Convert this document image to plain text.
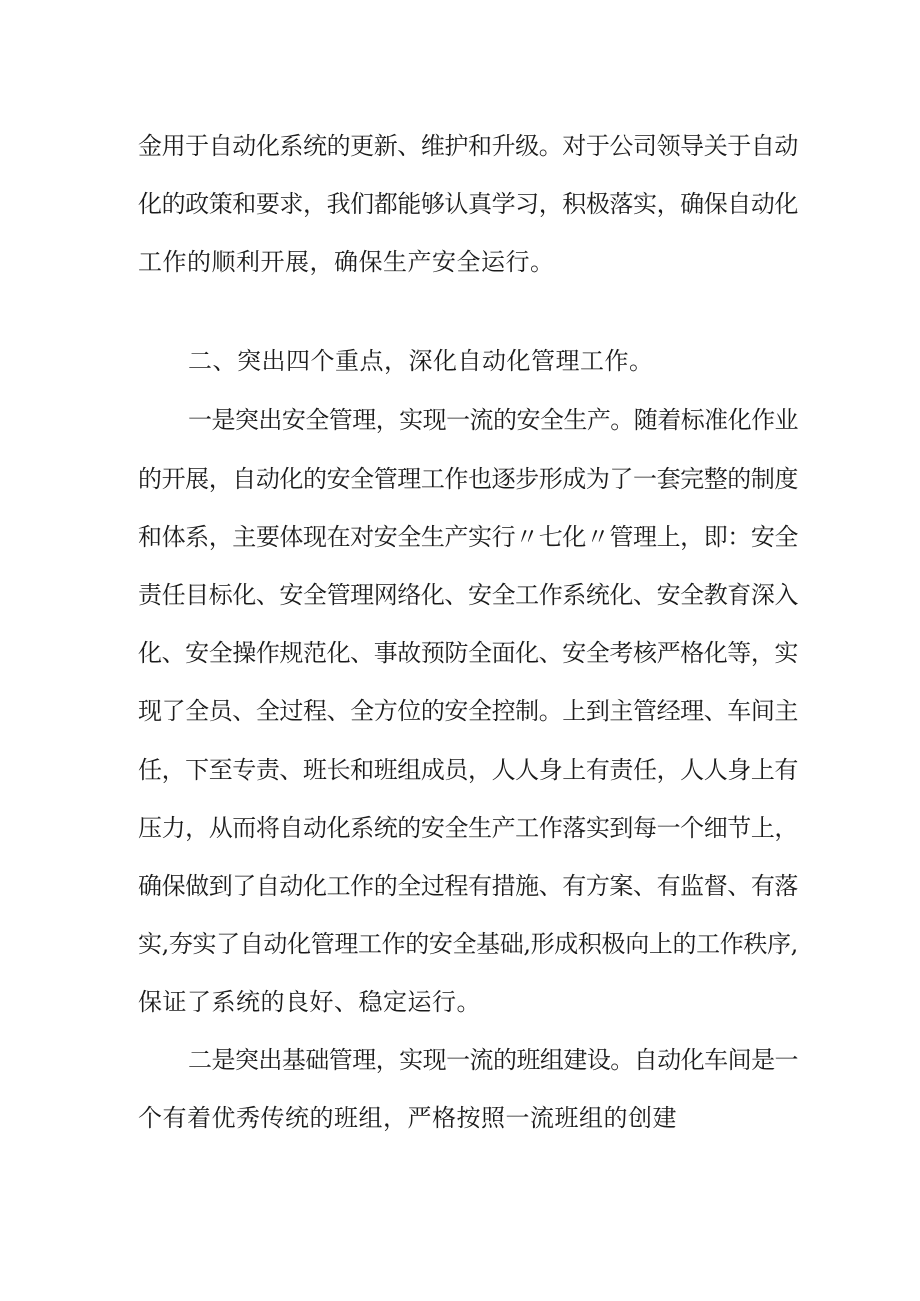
金用于自动化系统的更新、维护和升级。对于公司领导关于自动
化的政策和要求，我们都能够认真学习，积极落实，确保自动化
工作的顺利开展，确保生产安全运行。
二、突出四个重点，深化自动化管理工作。
一是突出安全管理，实现一流的安全生产。随着标准化作业
的开展，自动化的安全管理工作也逐步形成为了一套完整的制度
和体系，主要体现在对安全生产实行〃七化〃管理上，即：安全
责任目标化、安全管理网络化、安全工作系统化、安全教育深入
化、安全操作规范化、事故预防全面化、安全考核严格化等，实
现了全员、全过程、全方位的安全控制。上到主管经理、车间主
任，下至专责、班长和班组成员，人人身上有责任，人人身上有
压力，从而将自动化系统的安全生产工作落实到每一个细节上，
确保做到了自动化工作的全过程有措施、有方案、有监督、有落
实,夯实了自动化管理工作的安全基础,形成积极向上的工作秩序,
保证了系统的良好、稳定运行。
二是突出基础管理，实现一流的班组建设。自动化车间是一
个有着优秀传统的班组，严格按照一流班组的创建
